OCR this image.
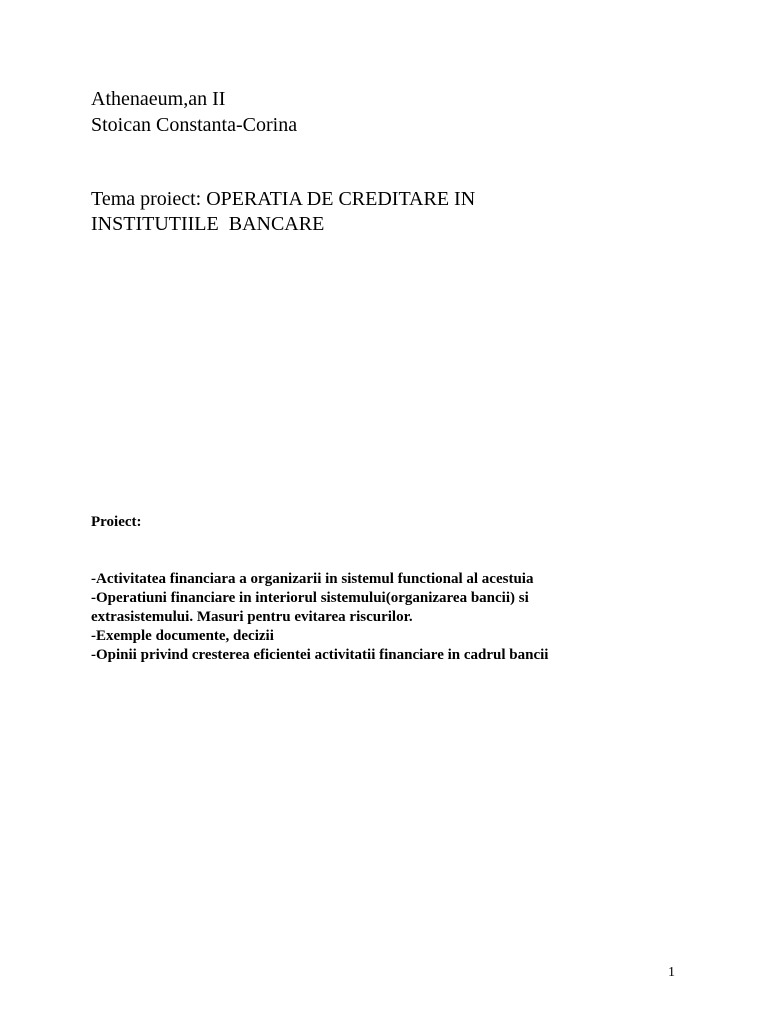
Athenaeum,an II
Stoican Constanta-Corina
Tema proiect: OPERATIA DE CREDITARE IN
INSTITUTIILE  BANCARE
Proiect:
-Activitatea financiara a organizarii in sistemul functional al acestuia
-Operatiuni financiare in interiorul sistemului(organizarea bancii) si
extrasistemului. Masuri pentru evitarea riscurilor.
-Exemple documente, decizii
-Opinii privind cresterea eficientei activitatii financiare in cadrul bancii
1
